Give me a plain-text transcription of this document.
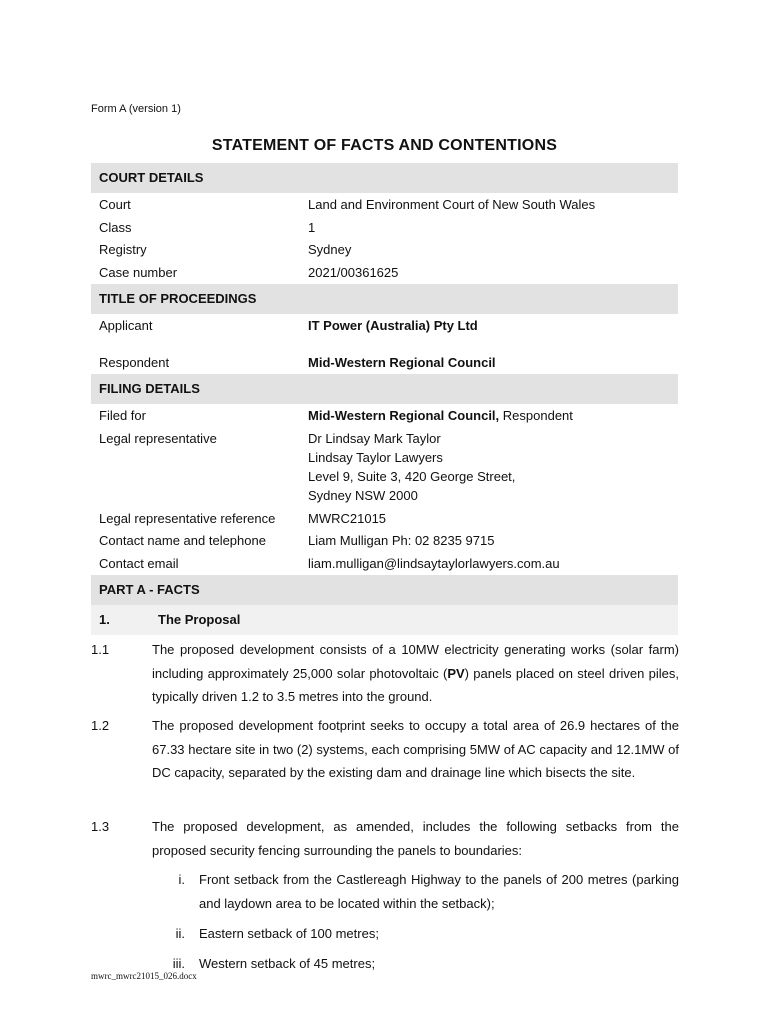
Form A (version 1)
STATEMENT OF FACTS AND CONTENTIONS
COURT DETAILS
Court	Land and Environment Court of New South Wales
Class	1
Registry	Sydney
Case number	2021/00361625
TITLE OF PROCEEDINGS
Applicant	IT Power (Australia) Pty Ltd
Respondent	Mid-Western Regional Council
FILING DETAILS
Filed for	Mid-Western Regional Council, Respondent
Legal representative	Dr Lindsay Mark Taylor
Lindsay Taylor Lawyers
Level 9, Suite 3, 420 George Street,
Sydney NSW 2000
Legal representative reference	MWRC21015
Contact name and telephone	Liam Mulligan Ph: 02 8235 9715
Contact email	liam.mulligan@lindsaytaylorlawyers.com.au
PART A - FACTS
1.	The Proposal
1.1	The proposed development consists of a 10MW electricity generating works (solar farm) including approximately 25,000 solar photovoltaic (PV) panels placed on steel driven piles, typically driven 1.2 to 3.5 metres into the ground.
1.2	The proposed development footprint seeks to occupy a total area of 26.9 hectares of the 67.33 hectare site in two (2) systems, each comprising 5MW of AC capacity and 12.1MW of DC capacity, separated by the existing dam and drainage line which bisects the site.
1.3	The proposed development, as amended, includes the following setbacks from the proposed security fencing surrounding the panels to boundaries:
i. Front setback from the Castlereagh Highway to the panels of 200 metres (parking and laydown area to be located within the setback);
ii. Eastern setback of 100 metres;
iii. Western setback of 45 metres;
mwrc_mwrc21015_026.docx
